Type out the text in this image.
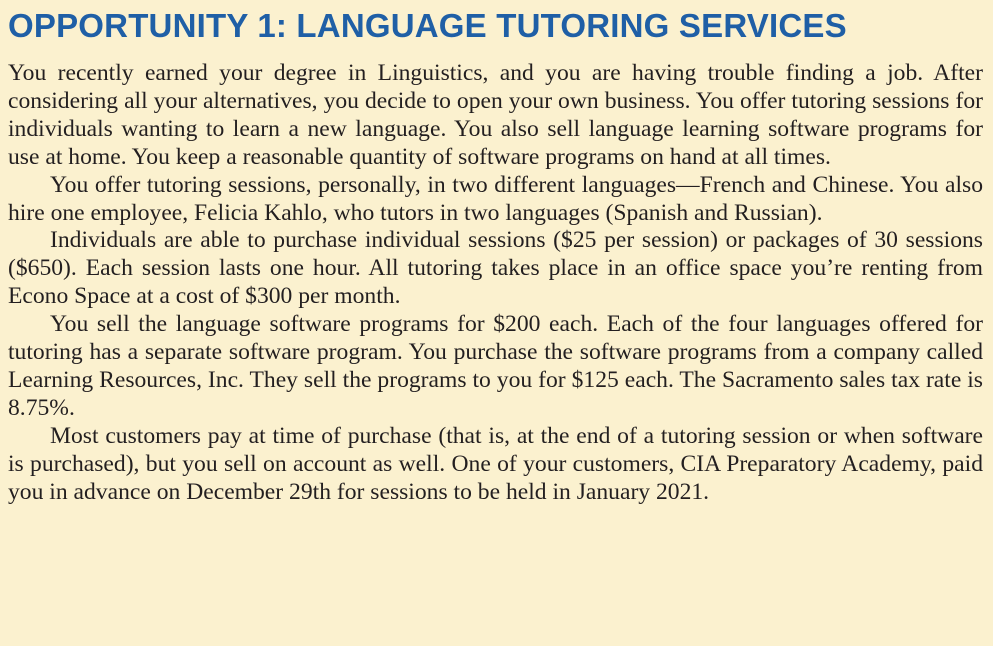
OPPORTUNITY 1: LANGUAGE TUTORING SERVICES

You recently earned your degree in Linguistics, and you are having trouble finding a job. After considering all your alternatives, you decide to open your own business. You offer tutoring sessions for individuals wanting to learn a new language. You also sell language learning software programs for use at home. You keep a reasonable quantity of software programs on hand at all times.

You offer tutoring sessions, personally, in two different languages—French and Chinese. You also hire one employee, Felicia Kahlo, who tutors in two languages (Spanish and Russian).

Individuals are able to purchase individual sessions ($25 per session) or packages of 30 sessions ($650). Each session lasts one hour. All tutoring takes place in an office space you’re renting from Econo Space at a cost of $300 per month.

You sell the language software programs for $200 each. Each of the four languages offered for tutoring has a separate software program. You purchase the software programs from a company called Learning Resources, Inc. They sell the programs to you for $125 each. The Sacramento sales tax rate is 8.75%.

Most customers pay at time of purchase (that is, at the end of a tutoring session or when software is purchased), but you sell on account as well. One of your customers, CIA Preparatory Academy, paid you in advance on December 29th for sessions to be held in January 2021.
